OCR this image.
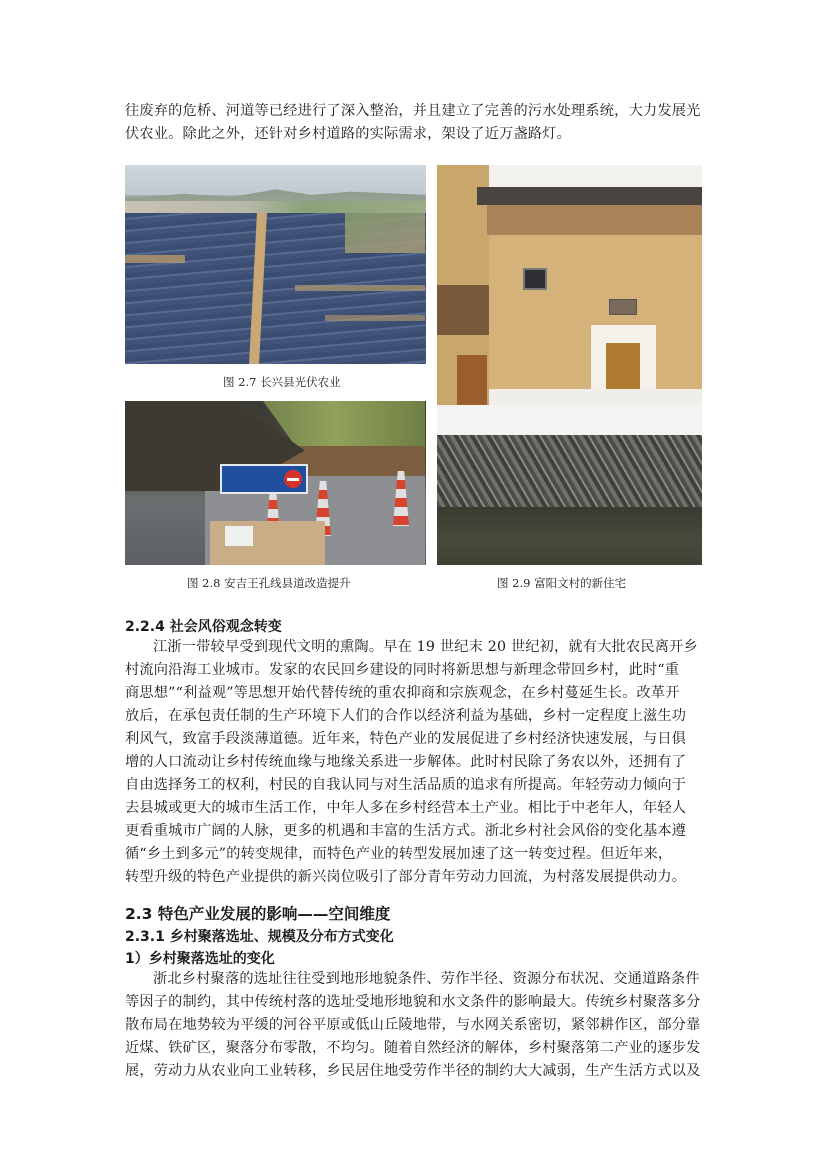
往废弃的危桥、河道等已经进行了深入整治，并且建立了完善的污水处理系统，大力发展光
伏农业。除此之外，还针对乡村道路的实际需求，架设了近万盏路灯。
图 2.7 长兴县光伏农业
图 2.8 安吉王孔线县道改造提升	图 2.9 富阳文村的新住宅
2.2.4 社会风俗观念转变
江浙一带较早受到现代文明的熏陶。早在 19 世纪末 20 世纪初，就有大批农民离开乡
村流向沿海工业城市。发家的农民回乡建设的同时将新思想与新理念带回乡村，此时“重
商思想”“利益观”等思想开始代替传统的重农抑商和宗族观念，在乡村蔓延生长。改革开
放后，在承包责任制的生产环境下人们的合作以经济利益为基础，乡村一定程度上滋生功
利风气，致富手段淡薄道德。近年来，特色产业的发展促进了乡村经济快速发展，与日俱
增的人口流动让乡村传统血缘与地缘关系进一步解体。此时村民除了务农以外，还拥有了
自由选择务工的权利，村民的自我认同与对生活品质的追求有所提高。年轻劳动力倾向于
去县城或更大的城市生活工作，中年人多在乡村经营本土产业。相比于中老年人，年轻人
更看重城市广阔的人脉，更多的机遇和丰富的生活方式。浙北乡村社会风俗的变化基本遵
循“乡土到多元”的转变规律，而特色产业的转型发展加速了这一转变过程。但近年来，
转型升级的特色产业提供的新兴岗位吸引了部分青年劳动力回流，为村落发展提供动力。
2.3 特色产业发展的影响——空间维度
2.3.1 乡村聚落选址、规模及分布方式变化
1）乡村聚落选址的变化
浙北乡村聚落的选址往往受到地形地貌条件、劳作半径、资源分布状况、交通道路条件
等因子的制约，其中传统村落的选址受地形地貌和水文条件的影响最大。传统乡村聚落多分
散布局在地势较为平缓的河谷平原或低山丘陵地带，与水网关系密切，紧邻耕作区，部分靠
近煤、铁矿区，聚落分布零散，不均匀。随着自然经济的解体，乡村聚落第二产业的逐步发
展，劳动力从农业向工业转移，乡民居住地受劳作半径的制约大大减弱，生产生活方式以及
